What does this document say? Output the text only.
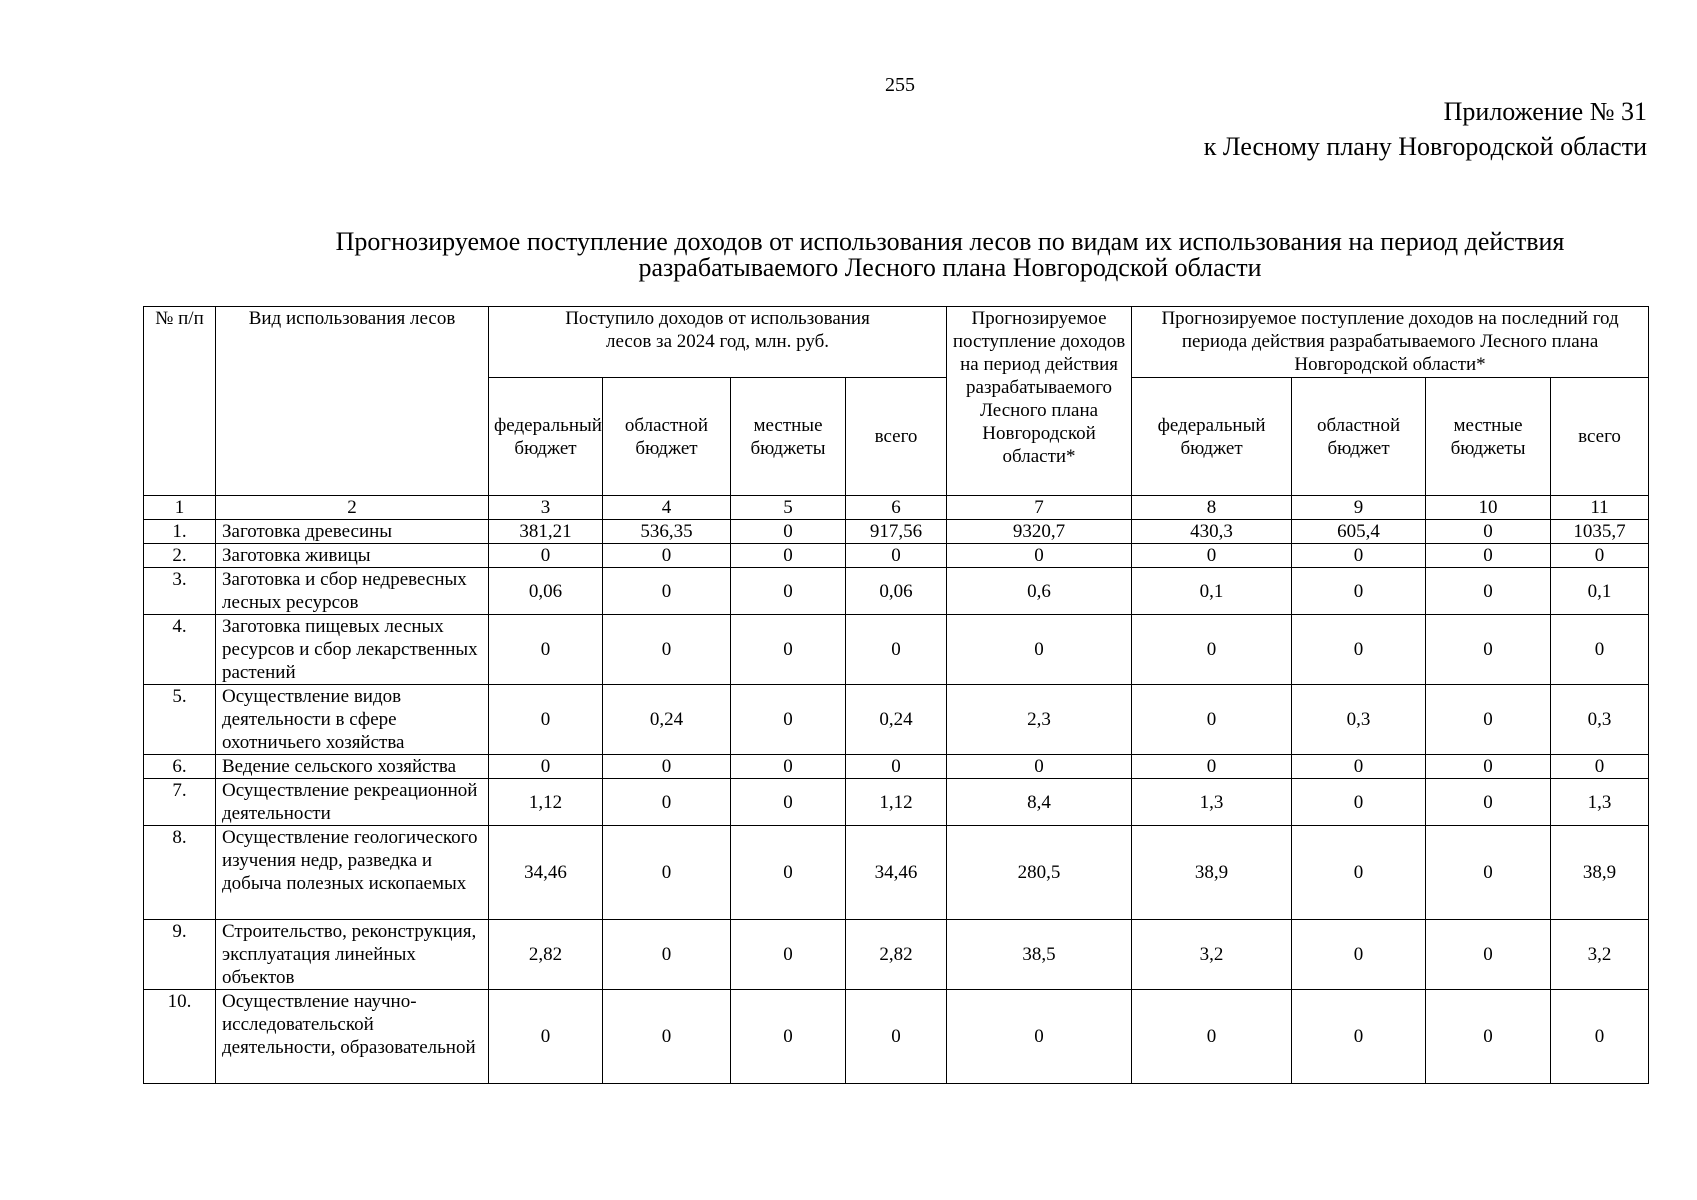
255
Приложение № 31
к Лесному плану Новгородской области
Прогнозируемое поступление доходов от использования лесов по видам их использования на период действия
разрабатываемого Лесного плана Новгородской области
№ п/п	Вид использования лесов	Поступило доходов от использования лесов за 2024 год, млн. руб.				Прогнозируемое поступление доходов на период действия разрабатываемого Лесного плана Новгородской области*	Прогнозируемое поступление доходов на последний год периода действия разрабатываемого Лесного плана Новгородской области*			
		федеральный бюджет	областной бюджет	местные бюджеты	всего		федеральный бюджет	областной бюджет	местные бюджеты	всего
1	2	3	4	5	6	7	8	9	10	11
1.	Заготовка древесины	381,21	536,35	0	917,56	9320,7	430,3	605,4	0	1035,7
2.	Заготовка живицы	0	0	0	0	0	0	0	0	0
3.	Заготовка и сбор недревесных лесных ресурсов	0,06	0	0	0,06	0,6	0,1	0	0	0,1
4.	Заготовка пищевых лесных ресурсов и сбор лекарственных растений	0	0	0	0	0	0	0	0	0
5.	Осуществление видов деятельности в сфере охотничьего хозяйства	0	0,24	0	0,24	2,3	0	0,3	0	0,3
6.	Ведение сельского хозяйства	0	0	0	0	0	0	0	0	0
7.	Осуществление рекреационной деятельности	1,12	0	0	1,12	8,4	1,3	0	0	1,3
8.	Осуществление геологического изучения недр, разведка и добыча полезных ископаемых	34,46	0	0	34,46	280,5	38,9	0	0	38,9
9.	Строительство, реконструкция, эксплуатация линейных объектов	2,82	0	0	2,82	38,5	3,2	0	0	3,2
10.	Осуществление научно-исследовательской деятельности, образовательной	0	0	0	0	0	0	0	0	0
